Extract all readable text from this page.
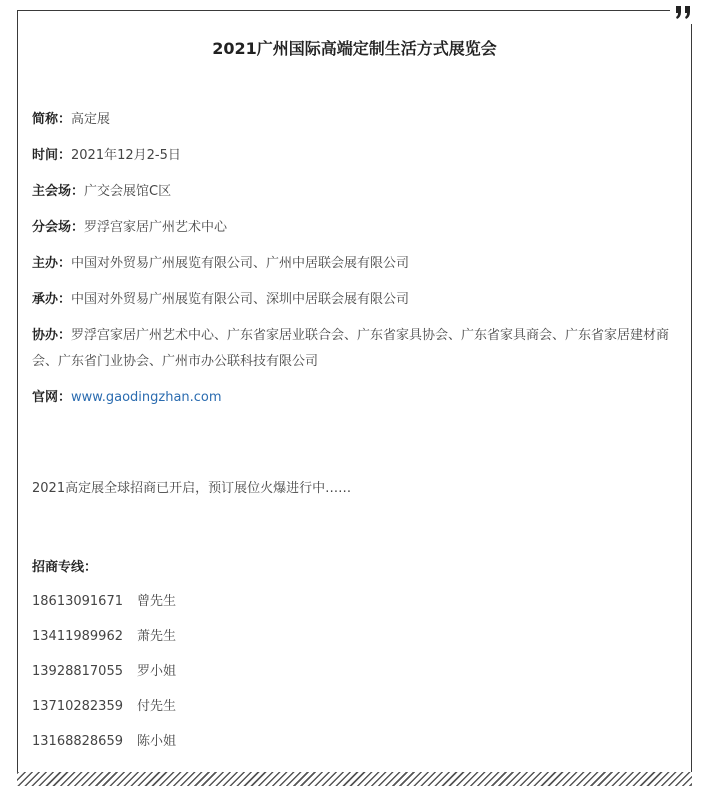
2021广州国际高端定制生活方式展览会
简称：高定展
时间：2021年12月2-5日
主会场：广交会展馆C区
分会场：罗浮宫家居广州艺术中心
主办：中国对外贸易广州展览有限公司、广州中居联会展有限公司
承办：中国对外贸易广州展览有限公司、深圳中居联会展有限公司
协办：罗浮宫家居广州艺术中心、广东省家居业联合会、广东省家具协会、广东省家具商会、广东省家居建材商会、广东省门业协会、广州市办公联科技有限公司
官网：www.gaodingzhan.com
2021高定展全球招商已开启，预订展位火爆进行中……
招商专线：
18613091671 曾先生
13411989962 萧先生
13928817055 罗小姐
13710282359 付先生
13168828659 陈小姐
